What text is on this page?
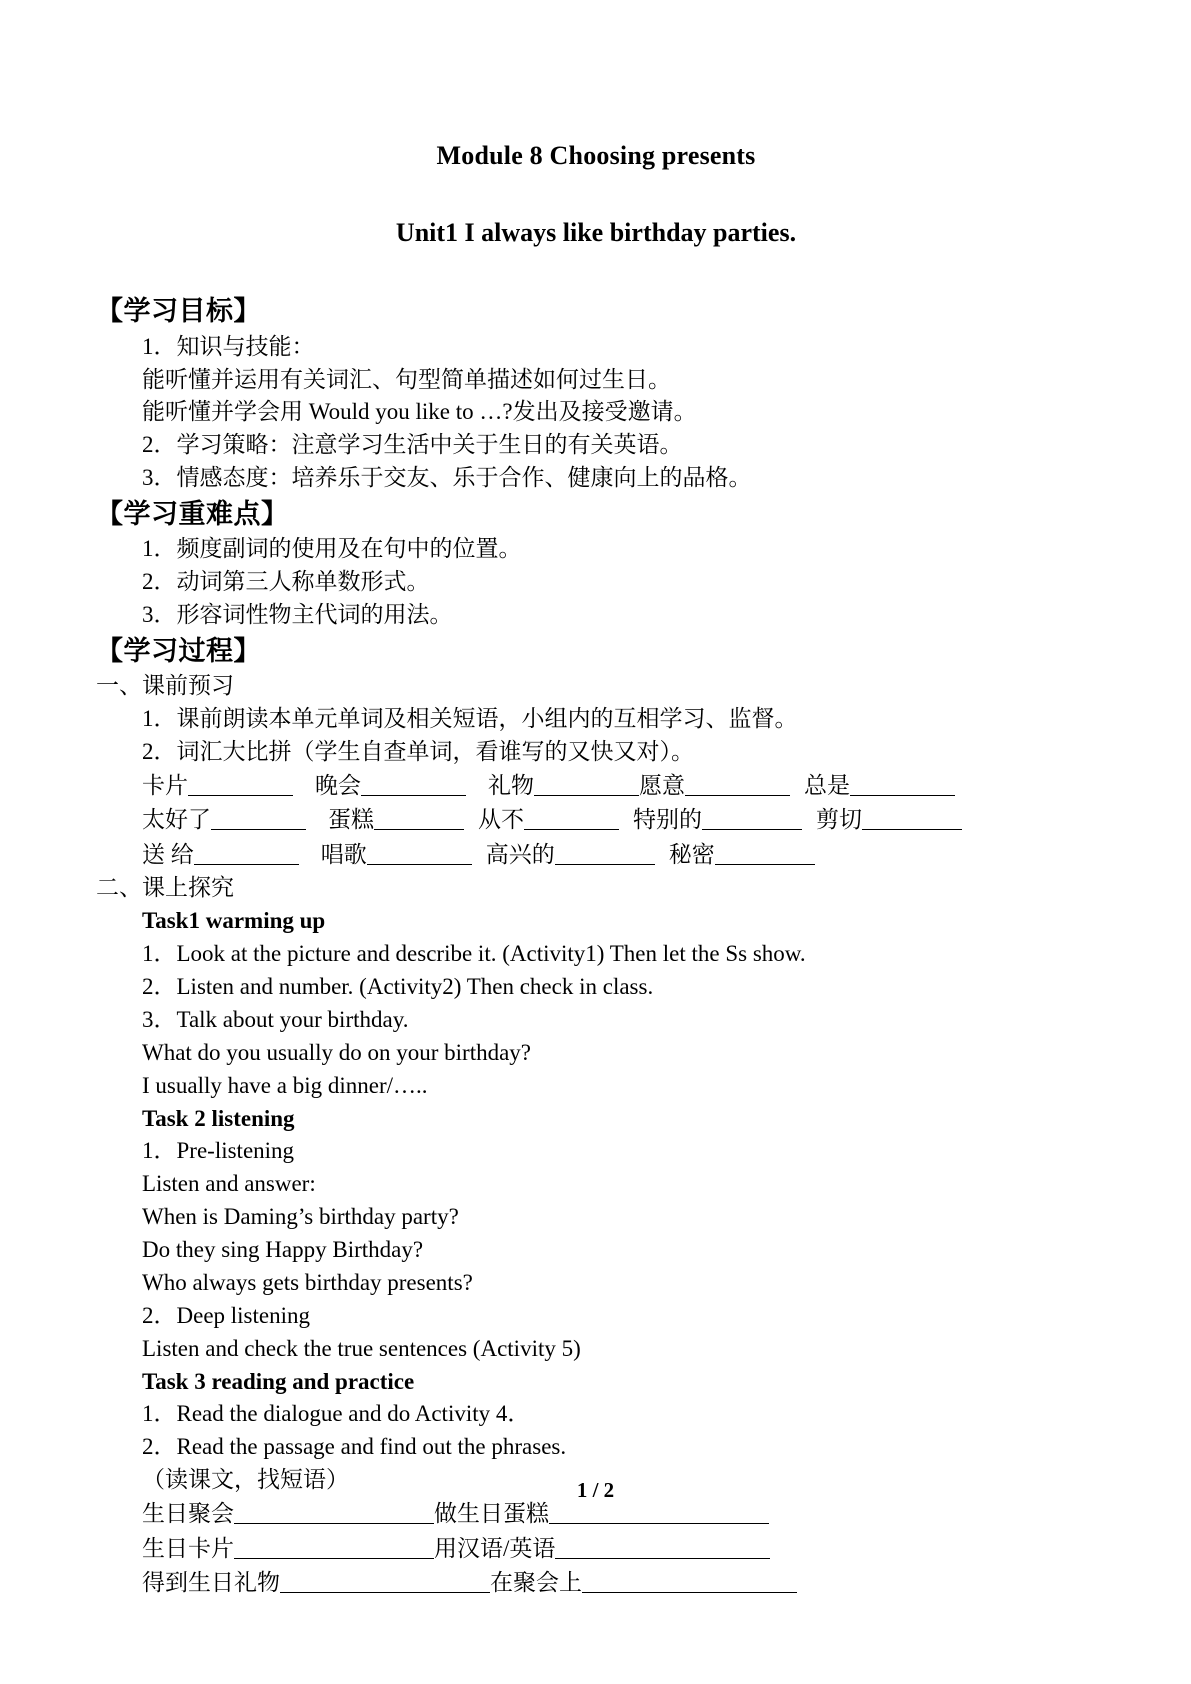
Module 8 Choosing presents
Unit1 I always like birthday parties.
【学习目标】
1．知识与技能：
能听懂并运用有关词汇、句型简单描述如何过生日。
能听懂并学会用 Would you like to …?发出及接受邀请。
2．学习策略：注意学习生活中关于生日的有关英语。
3．情感态度：培养乐于交友、乐于合作、健康向上的品格。
【学习重难点】
1．频度副词的使用及在句中的位置。
2．动词第三人称单数形式。
3．形容词性物主代词的用法。
【学习过程】
一、课前预习
1．课前朗读本单元单词及相关短语，小组内的互相学习、监督。
2．词汇大比拼（学生自查单词，看谁写的又快又对）。
卡片	晚会	礼物	愿意	总是
太好了	蛋糕	从不	特别的	剪切
送 给	唱歌	高兴的	秘密
二、课上探究
Task1 warming up
1．Look at the picture and describe it. (Activity1) Then let the Ss show.
2．Listen and number. (Activity2) Then check in class.
3．Talk about your birthday.
What do you usually do on your birthday?
I usually have a big dinner/…..
Task 2 listening
1．Pre-listening
Listen and answer:
When is Daming’s birthday party?
Do they sing Happy Birthday?
Who always gets birthday presents?
2．Deep listening
Listen and check the true sentences (Activity 5)
Task 3 reading and practice
1．Read the dialogue and do Activity 4．
2．Read the passage and find out the phrases.
（读课文，找短语）
生日聚会	做生日蛋糕
生日卡片	用汉语/英语
得到生日礼物	在聚会上
1 / 2
